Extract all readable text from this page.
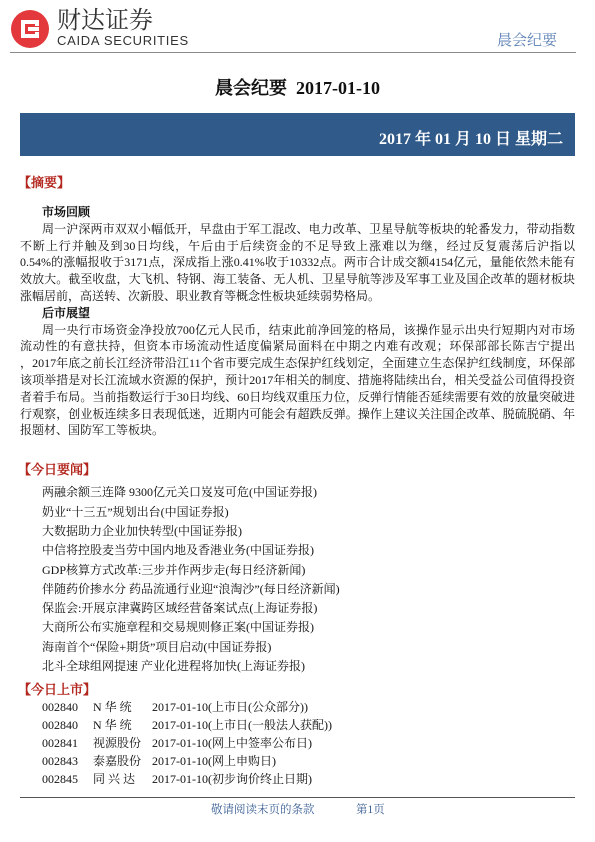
财达证券
CAIDA SECURITIES	晨会纪要
晨会纪要  2017-01-10
2017 年 01 月 10 日 星期二
【摘要】
市场回顾
周一沪深两市双双小幅低开，早盘由于军工混改、电力改革、卫星导航等板块的轮番发力，带动指数
不断上行并触及到30日均线，午后由于后续资金的不足导致上涨难以为继，经过反复震荡后沪指以
0.54%的涨幅报收于3171点，深成指上涨0.41%收于10332点。两市合计成交额4154亿元，量能依然未能有
效放大。截至收盘，大飞机、特钢、海工装备、无人机、卫星导航等涉及军事工业及国企改革的题材板块
涨幅居前，高送转、次新股、职业教育等概念性板块延续弱势格局。
后市展望
周一央行市场资金净投放700亿元人民币，结束此前净回笼的格局，该操作显示出央行短期内对市场
流动性的有意扶持，但资本市场流动性适度偏紧局面料在中期之内难有改观；环保部部长陈吉宁提出
，2017年底之前长江经济带沿江11个省市要完成生态保护红线划定，全面建立生态保护红线制度，环保部
该项举措是对长江流域水资源的保护，预计2017年相关的制度、措施将陆续出台，相关受益公司值得投资
者着手布局。当前指数运行于30日均线、60日均线双重压力位，反弹行情能否延续需要有效的放量突破进
行观察，创业板连续多日表现低迷，近期内可能会有超跌反弹。操作上建议关注国企改革、脱硫脱硝、年
报题材、国防军工等板块。
【今日要闻】
两融余额三连降 9300亿元关口岌岌可危(中国证券报)
奶业“十三五”规划出台(中国证券报)
大数据助力企业加快转型(中国证券报)
中信将控股麦当劳中国内地及香港业务(中国证券报)
GDP核算方式改革:三步并作两步走(每日经济新闻)
伴随药价掺水分 药品流通行业迎“浪淘沙”(每日经济新闻)
保监会:开展京津冀跨区域经营备案试点(上海证券报)
大商所公布实施章程和交易规则修正案(中国证券报)
海南首个“保险+期货”项目启动(中国证券报)
北斗全球组网提速 产业化进程将加快(上海证券报)
【今日上市】
002840 N 华 统 2017-01-10(上市日(公众部分))
002840 N 华 统 2017-01-10(上市日(一般法人获配))
002841 视源股份 2017-01-10(网上中签率公布日)
002843 泰嘉股份 2017-01-10(网上申购日)
002845 同 兴 达 2017-01-10(初步询价终止日期)
敬请阅读末页的条款	第1页
